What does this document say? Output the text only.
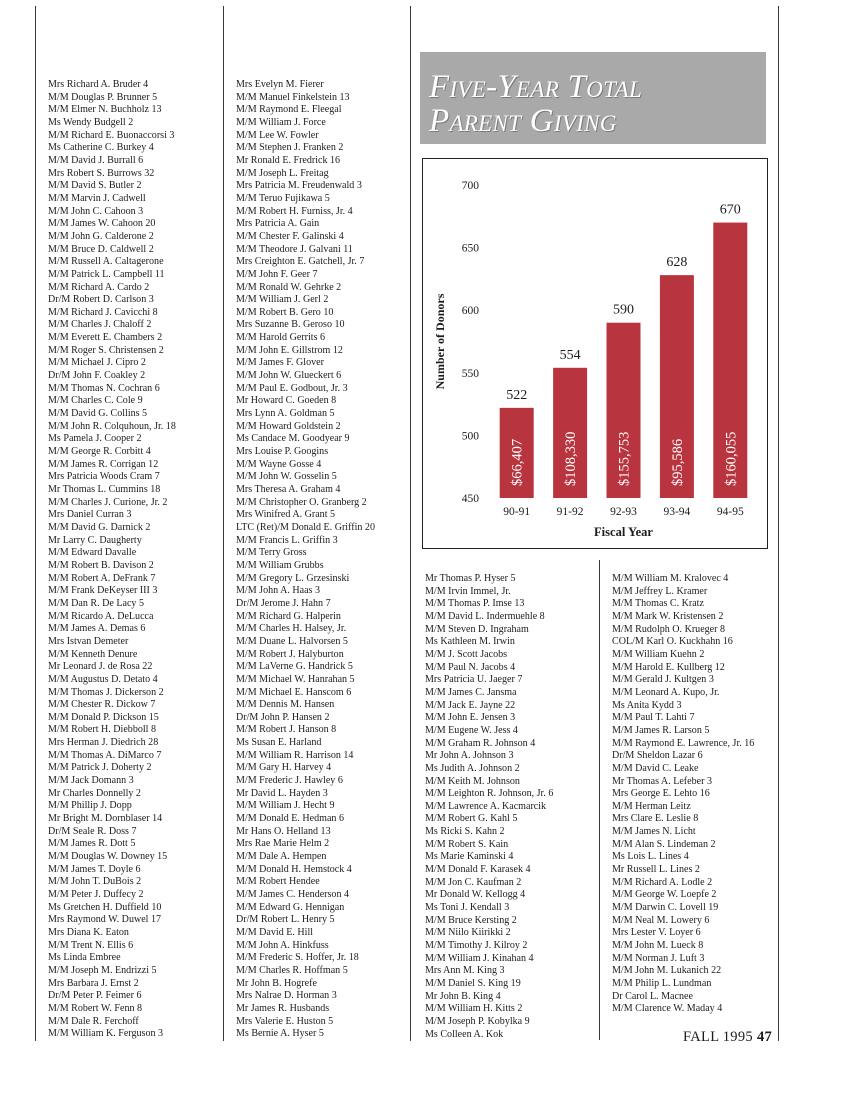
Mrs Richard A. Bruder 4
M/M Douglas P. Brunner 5
M/M Elmer N. Buchholz 13
Ms Wendy Budgell 2
M/M Richard E. Buonaccorsi 3
Ms Catherine C. Burkey 4
M/M David J. Burrall 6
Mrs Robert S. Burrows 32
M/M David S. Butler 2
M/M Marvin J. Cadwell
M/M John C. Cahoon 3
M/M James W. Cahoon 20
M/M John G. Calderone 2
M/M Bruce D. Caldwell 2
M/M Russell A. Caltagerone
M/M Patrick L. Campbell 11
M/M Richard A. Cardo 2
Dr/M Robert D. Carlson 3
M/M Richard J. Cavicchi 8
M/M Charles J. Chaloff 2
M/M Everett E. Chambers 2
M/M Roger S. Christensen 2
M/M Michael J. Cipro 2
Dr/M John F. Coakley 2
M/M Thomas N. Cochran 6
M/M Charles C. Cole 9
M/M David G. Collins 5
M/M John R. Colquhoun, Jr. 18
Ms Pamela J. Cooper 2
M/M George R. Corbitt 4
M/M James R. Corrigan 12
Mrs Patricia Woods Cram 7
Mr Thomas L. Cummins 18
M/M Charles J. Curione, Jr. 2
Mrs Daniel Curran 3
M/M David G. Darnick 2
Mr Larry C. Daugherty
M/M Edward Davalle
M/M Robert B. Davison 2
M/M Robert A. DeFrank 7
M/M Frank DeKeyser III 3
M/M Dan R. De Lacy 5
M/M Ricardo A. DeLucca
M/M James A. Demas 6
Mrs Istvan Demeter
M/M Kenneth Denure
Mr Leonard J. de Rosa 22
M/M Augustus D. Detato 4
M/M Thomas J. Dickerson 2
M/M Chester R. Dickow 7
M/M Donald P. Dickson 15
M/M Robert H. Diebboll 8
Mrs Herman J. Diedrich 28
M/M Thomas A. DiMarco 7
M/M Patrick J. Doherty 2
M/M Jack Domann 3
Mr Charles Donnelly 2
M/M Phillip J. Dopp
Mr Bright M. Dornblaser 14
Dr/M Seale R. Doss 7
M/M James R. Dott 5
M/M Douglas W. Downey 15
M/M James T. Doyle 6
M/M John T. DuBois 2
M/M Peter J. Duffecy 2
Ms Gretchen H. Duffield 10
Mrs Raymond W. Duwel 17
Mrs Diana K. Eaton
M/M Trent N. Ellis 6
Ms Linda Embree
M/M Joseph M. Endrizzi 5
Mrs Barbara J. Ernst 2
Dr/M Peter P. Feimer 6
M/M Robert W. Fenn 8
M/M Dale R. Ferchoff
M/M William K. Ferguson 3
Mrs Evelyn M. Fierer
M/M Manuel Finkelstein 13
M/M Raymond E. Fleegal
M/M William J. Force
M/M Lee W. Fowler
M/M Stephen J. Franken 2
Mr Ronald E. Fredrick 16
M/M Joseph L. Freitag
Mrs Patricia M. Freudenwald 3
M/M Teruo Fujikawa 5
M/M Robert H. Furniss, Jr. 4
Mrs Patricia A. Gain
M/M Chester F. Galinski 4
M/M Theodore J. Galvani 11
Mrs Creighton E. Gatchell, Jr. 7
M/M John F. Geer 7
M/M Ronald W. Gehrke 2
M/M William J. Gerl 2
M/M Robert B. Gero 10
Mrs Suzanne B. Geroso 10
M/M Harold Gerrits 6
M/M John E. Gillstrom 12
M/M James F. Glover
M/M John W. Glueckert 6
M/M Paul E. Godbout, Jr. 3
Mr Howard C. Goeden 8
Mrs Lynn A. Goldman 5
M/M Howard Goldstein 2
Ms Candace M. Goodyear 9
Mrs Louise P. Googins
M/M Wayne Gosse 4
M/M John W. Gosselin 5
Mrs Theresa A. Graham 4
M/M Christopher O. Granberg 2
Mrs Winifred A. Grant 5
LTC (Ret)/M Donald E. Griffin 20
M/M Francis L. Griffin 3
M/M Terry Gross
M/M William Grubbs
M/M Gregory L. Grzesinski
M/M John A. Haas 3
Dr/M Jerome J. Hahn 7
M/M Richard G. Halperin
M/M Charles H. Halsey, Jr.
M/M Duane L. Halvorsen 5
M/M Robert J. Halyburton
M/M LaVerne G. Handrick 5
M/M Michael W. Hanrahan 5
M/M Michael E. Hanscom 6
M/M Dennis M. Hansen
Dr/M John P. Hansen 2
M/M Robert J. Hanson 8
Ms Susan E. Harland
M/M William R. Harrison 14
M/M Gary H. Harvey 4
M/M Frederic J. Hawley 6
Mr David L. Hayden 3
M/M William J. Hecht 9
M/M Donald E. Hedman 6
Mr Hans O. Helland 13
Mrs Rae Marie Helm 2
M/M Dale A. Hempen
M/M Donald H. Hemstock 4
M/M Robert Hendee
M/M James C. Henderson 4
M/M Edward G. Hennigan
Dr/M Robert L. Henry 5
M/M David E. Hill
M/M John A. Hinkfuss
M/M Frederic S. Hoffer, Jr. 18
M/M Charles R. Hoffman 5
Mr John B. Hogrefe
Mrs Nalrae D. Horman 3
Mr James R. Husbands
Mrs Valerie E. Huston 5
Ms Bernie A. Hyser 5
Five-Year Total
Parent Giving
450
500
550
600
650
700
Number of Donors
522
$66,407
90-91
554
$108,330
91-92
590
$155,753
92-93
628
$95,586
93-94
670
$160,055
94-95
Fiscal Year
Mr Thomas P. Hyser 5
M/M Irvin Immel, Jr.
M/M Thomas P. Imse 13
M/M David L. Indermuehle 8
M/M Steven D. Ingraham
Ms Kathleen M. Irwin
M/M J. Scott Jacobs
M/M Paul N. Jacobs 4
Mrs Patricia U. Jaeger 7
M/M James C. Jansma
M/M Jack E. Jayne 22
M/M John E. Jensen 3
M/M Eugene W. Jess 4
M/M Graham R. Johnson 4
Mr John A. Johnson 3
Ms Judith A. Johnson 2
M/M Keith M. Johnson
M/M Leighton R. Johnson, Jr. 6
M/M Lawrence A. Kacmarcik
M/M Robert G. Kahl 5
Ms Ricki S. Kahn 2
M/M Robert S. Kain
Ms Marie Kaminski 4
M/M Donald F. Karasek 4
M/M Jon C. Kaufman 2
Mr Donald W. Kellogg 4
Ms Toni J. Kendall 3
M/M Bruce Kersting 2
M/M Niilo Kiirikki 2
M/M Timothy J. Kilroy 2
M/M William J. Kinahan 4
Mrs Ann M. King 3
M/M Daniel S. King 19
Mr John B. King 4
M/M William H. Kitts 2
M/M Joseph P. Kobylka 9
Ms Colleen A. Kok
M/M William M. Kralovec 4
M/M Jeffrey L. Kramer
M/M Thomas C. Kratz
M/M Mark W. Kristensen 2
M/M Rudolph O. Krueger 8
COL/M Karl O. Kuckhahn 16
M/M William Kuehn 2
M/M Harold E. Kullberg 12
M/M Gerald J. Kultgen 3
M/M Leonard A. Kupo, Jr.
Ms Anita Kydd 3
M/M Paul T. Lahti 7
M/M James R. Larson 5
M/M Raymond E. Lawrence, Jr. 16
Dr/M Sheldon Lazar 6
M/M David C. Leake
Mr Thomas A. Lefeber 3
Mrs George E. Lehto 16
M/M Herman Leitz
Mrs Clare E. Leslie 8
M/M James N. Licht
M/M Alan S. Lindeman 2
Ms Lois L. Lines 4
Mr Russell L. Lines 2
M/M Richard A. Lodle 2
M/M George W. Loepfe 2
M/M Darwin C. Lovell 19
M/M Neal M. Lowery 6
Mrs Lester V. Loyer 6
M/M John M. Lueck 8
M/M Norman J. Luft 3
M/M John M. Lukanich 22
M/M Philip L. Lundman
Dr Carol L. Macnee
M/M Clarence W. Maday 4
FALL 1995 47
